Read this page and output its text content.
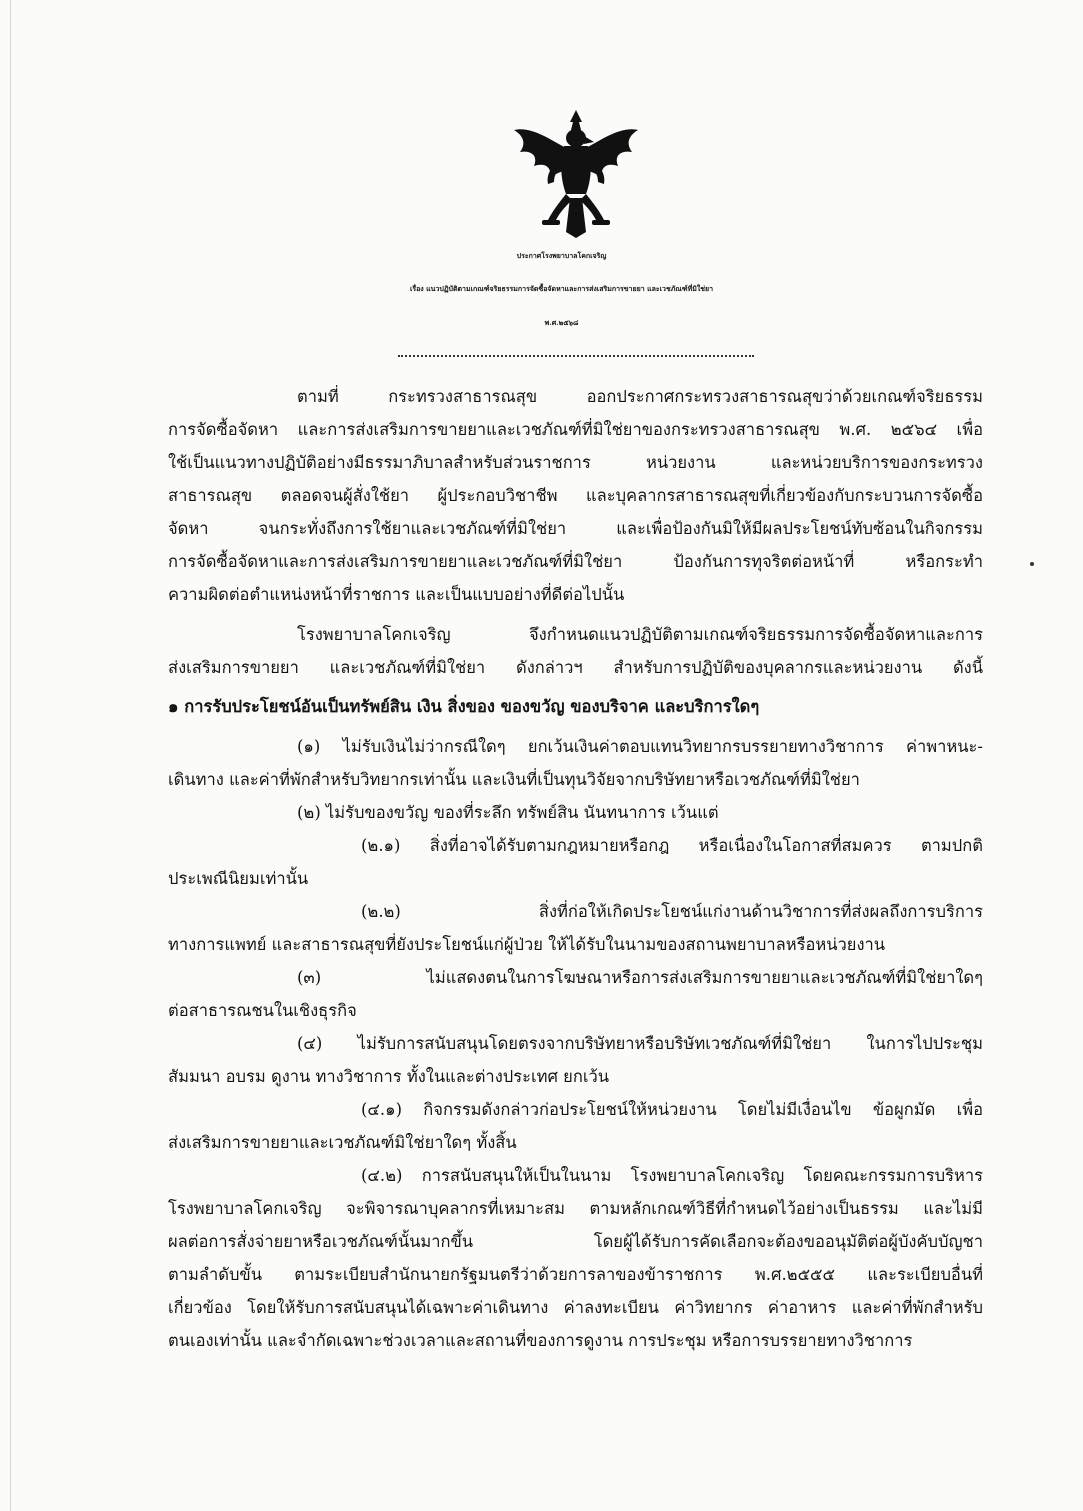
ประกาศโรงพยาบาลโคกเจริญ
เรื่อง แนวปฏิบัติตามเกณฑ์จริยธรรมการจัดซื้อจัดหาและการส่งเสริมการขายยา และเวชภัณฑ์ที่มิใช่ยา
พ.ศ.๒๕๖๘
ตามที่ กระทรวงสาธารณสุข ออกประกาศกระทรวงสาธารณสุขว่าด้วยเกณฑ์จริยธรรม
การจัดซื้อจัดหา และการส่งเสริมการขายยาและเวชภัณฑ์ที่มิใช่ยาของกระทรวงสาธารณสุข พ.ศ. ๒๕๖๔ เพื่อ
ใช้เป็นแนวทางปฏิบัติอย่างมีธรรมาภิบาลสำหรับส่วนราชการ หน่วยงาน และหน่วยบริการของกระทรวง
สาธารณสุข ตลอดจนผู้สั่งใช้ยา ผู้ประกอบวิชาชีพ และบุคลากรสาธารณสุขที่เกี่ยวข้องกับกระบวนการจัดซื้อ
จัดหา จนกระทั่งถึงการใช้ยาและเวชภัณฑ์ที่มิใช่ยา และเพื่อป้องกันมิให้มีผลประโยชน์ทับซ้อนในกิจกรรม
การจัดซื้อจัดหาและการส่งเสริมการขายยาและเวชภัณฑ์ที่มิใช่ยา ป้องกันการทุจริตต่อหน้าที่ หรือกระทำ
ความผิดต่อตำแหน่งหน้าที่ราชการ และเป็นแบบอย่างที่ดีต่อไปนั้น
โรงพยาบาลโคกเจริญ จึงกำหนดแนวปฏิบัติตามเกณฑ์จริยธรรมการจัดซื้อจัดหาและการ
ส่งเสริมการขายยา และเวชภัณฑ์ที่มิใช่ยา ดังกล่าวฯ สำหรับการปฏิบัติของบุคลากรและหน่วยงาน ดังนี้
๑ การรับประโยชน์อันเป็นทรัพย์สิน เงิน สิ่งของ ของขวัญ ของบริจาค และบริการใดๆ
(๑) ไม่รับเงินไม่ว่ากรณีใดๆ ยกเว้นเงินค่าตอบแทนวิทยากรบรรยายทางวิชาการ ค่าพาหนะ-
เดินทาง และค่าที่พักสำหรับวิทยากรเท่านั้น และเงินที่เป็นทุนวิจัยจากบริษัทยาหรือเวชภัณฑ์ที่มิใช่ยา
(๒) ไม่รับของขวัญ ของที่ระลึก ทรัพย์สิน นันทนาการ เว้นแต่
(๒.๑) สิ่งที่อาจได้รับตามกฎหมายหรือกฎ หรือเนื่องในโอกาสที่สมควร ตามปกติ
ประเพณีนิยมเท่านั้น
(๒.๒) สิ่งที่ก่อให้เกิดประโยชน์แก่งานด้านวิชาการที่ส่งผลถึงการบริการ
ทางการแพทย์ และสาธารณสุขที่ยังประโยชน์แก่ผู้ป่วย ให้ได้รับในนามของสถานพยาบาลหรือหน่วยงาน
(๓) ไม่แสดงตนในการโฆษณาหรือการส่งเสริมการขายยาและเวชภัณฑ์ที่มิใช่ยาใดๆ
ต่อสาธารณชนในเชิงธุรกิจ
(๔) ไม่รับการสนับสนุนโดยตรงจากบริษัทยาหรือบริษัทเวชภัณฑ์ที่มิใช่ยา ในการไปประชุม
สัมมนา อบรม ดูงาน ทางวิชาการ ทั้งในและต่างประเทศ ยกเว้น
(๔.๑) กิจกรรมดังกล่าวก่อประโยชน์ให้หน่วยงาน โดยไม่มีเงื่อนไข ข้อผูกมัด เพื่อ
ส่งเสริมการขายยาและเวชภัณฑ์มิใช่ยาใดๆ ทั้งสิ้น
(๔.๒) การสนับสนุนให้เป็นในนาม โรงพยาบาลโคกเจริญ โดยคณะกรรมการบริหาร
โรงพยาบาลโคกเจริญ จะพิจารณาบุคลากรที่เหมาะสม ตามหลักเกณฑ์วิธีที่กำหนดไว้อย่างเป็นธรรม และไม่มี
ผลต่อการสั่งจ่ายยาหรือเวชภัณฑ์นั้นมากขึ้น โดยผู้ได้รับการคัดเลือกจะต้องขออนุมัติต่อผู้บังคับบัญชา
ตามลำดับขั้น ตามระเบียบสำนักนายกรัฐมนตรีว่าด้วยการลาของข้าราชการ พ.ศ.๒๕๕๕ และระเบียบอื่นที่
เกี่ยวข้อง โดยให้รับการสนับสนุนได้เฉพาะค่าเดินทาง ค่าลงทะเบียน ค่าวิทยากร ค่าอาหาร และค่าที่พักสำหรับ
ตนเองเท่านั้น และจำกัดเฉพาะช่วงเวลาและสถานที่ของการดูงาน การประชุม หรือการบรรยายทางวิชาการ
